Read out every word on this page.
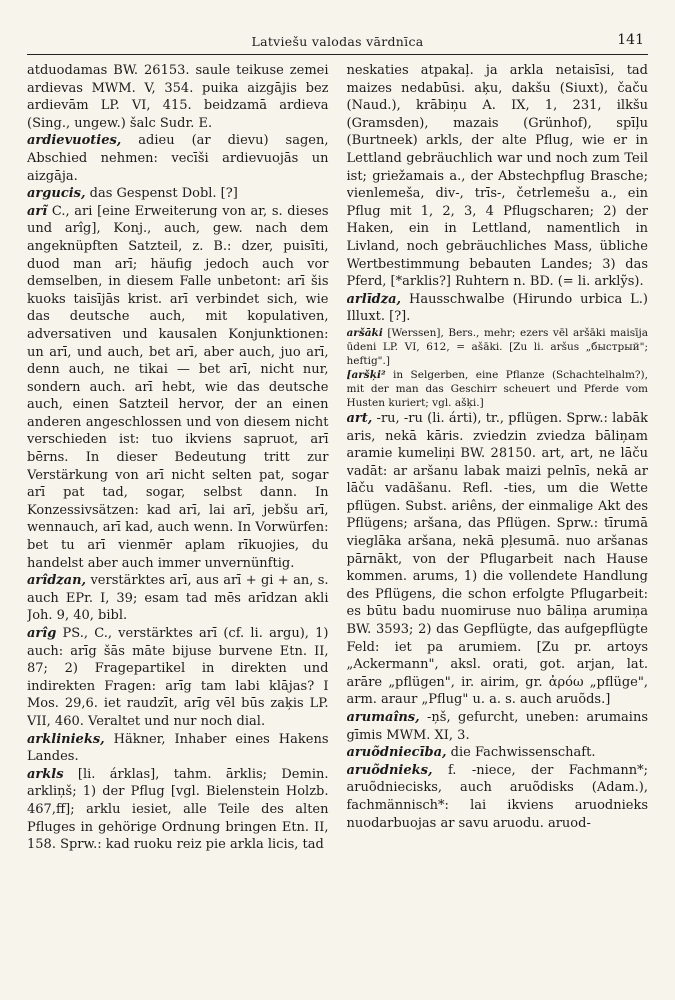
Latviešu valodas vārdnīca	141

atduodamas BW. 26153. saule teikuse zemei ardievas MWM. V, 354. puika aizgājis bez ardievām LP. VI, 415. beidzamā ardieva (Sing., ungew.) šalc Sudr. E.

ardievuoties, adieu (ar dievu) sagen, Abschied nehmen: vecīši ardievuojās un aizgāja.

argucis, das Gespenst Dobl. [?]

arĩ C., ari [eine Erweiterung von ar, s. dieses und arîg], Konj., auch, gew. nach dem angeknüpften Satzteil, z. B.: dzer, puisīti, duod man arī; häufig jedoch auch vor demselben, in diesem Falle unbetont: arī šis kuoks taisījās krist. arī verbindet sich, wie das deutsche auch, mit kopulativen, adversativen und kausalen Konjunktionen: un arī, und auch, bet arī, aber auch, juo arī, denn auch, ne tikai — bet arī, nicht nur, sondern auch. arī hebt, wie das deutsche auch, einen Satzteil hervor, der an einen anderen angeschlossen und von diesem nicht verschieden ist: tuo ikviens sapruot, arī bērns. In dieser Bedeutung tritt zur Verstärkung von arī nicht selten pat, sogar arī pat tad, sogar, selbst dann. In Konzessivsätzen: kad arī, lai arī, jebšu arī, wennauch, arī kad, auch wenn. In Vorwürfen: bet tu arī vienmēr aplam rīkuojies, du handelst aber auch immer unvernünftig.

arîdzan, verstärktes arī, aus arī + gi + an, s. auch EPr. I, 39; esam tad mēs arīdzan akli Joh. 9, 40, bibl.

arîg PS., C., verstärktes arī (cf. li. argu), 1) auch: arīg šās māte bijuse burvene Etn. II, 87; 2) Fragepartikel in direkten und indirekten Fragen: arīg tam labi klājas? I Mos. 29,6. iet raudzīt, arīg vēl būs zaķis LP. VII, 460. Veraltet und nur noch dial.

arklinieks, Häkner, Inhaber eines Hakens Landes.

arkls [li. árklas], tahm. ārklis; Demin. arkliņš; 1) der Pflug [vgl. Bielenstein Holzb. 467,ff]; arklu iesiet, alle Teile des alten Pfluges in gehörige Ordnung bringen Etn. II, 158. Sprw.: kad ruoku reiz pie arkla licis, tad

neskaties atpakaļ. ja arkla netaisīsi, tad maizes nedabūsi. aķu, dakšu (Siuxt), čaču (Naud.), krābiņu A. IX, 1, 231, ilkšu (Gramsden), mazais (Grünhof), spīļu (Burtneek) arkls, der alte Pflug, wie er in Lettland gebräuchlich war und noch zum Teil ist; griežamais a., der Abstechpflug Brasche; vienlemeša, div-, trīs-, četrlemešu a., ein Pflug mit 1, 2, 3, 4 Pflugscharen; 2) der Haken, ein in Lettland, namentlich in Livland, noch gebräuchliches Mass, übliche Wertbestimmung bebauten Landes; 3) das Pferd, [*arklis?] Ruhtern n. BD. (= li. arklỹs).

arlīdza, Hausschwalbe (Hirundo urbica L.) Illuxt. [?].

aršāki [Werssen], Bers., mehr; ezers vēl aršāki maisīja ūdeni LP. VI, 612, = ašāki. [Zu li. aršus „быстрый"; heftig".]

[aršķi² in Selgerben, eine Pflanze (Schachtelhalm?), mit der man das Geschirr scheuert und Pferde vom Husten kuriert; vgl. ašķi.]

art, -ru, -ru (li. árti), tr., pflügen. Sprw.: labāk aris, nekā kāris. zviedzin zviedza bāliņam aramie kumeliņi BW. 28150. art, art, ne lāču vadāt: ar aršanu labak maizi pelnīs, nekā ar lāču vadāšanu. Refl. -ties, um die Wette pflügen. Subst. ariêns, der einmalige Akt des Pflügens; aršana, das Pflügen. Sprw.: tīrumā vieglāka aršana, nekā pļesumā. nuo aršanas pārnākt, von der Pflugarbeit nach Hause kommen. arums, 1) die vollendete Handlung des Pflügens, die schon erfolgte Pflugarbeit: es būtu badu nuomiruse nuo bāliņa arumiņa BW. 3593; 2) das Gepflügte, das aufgepflügte Feld: iet pa arumiem. [Zu pr. artoys „Ackermann", aksl. orati, got. arjan, lat. arāre „pflügen", ir. airim, gr. ἀρόω „pflüge", arm. araur „Pflug" u. a. s. auch aruõds.]

arumaîns, -ņš, gefurcht, uneben: arumains gīmis MWM. XI, 3.

aruõdniecība, die Fachwissenschaft.

aruõdnieks, f. -niece, der Fachmann*; aruõdniecisks, auch aruõdisks (Adam.), fachmännisch*: lai ikviens aruodnieks nuodarbuojas ar savu aruodu. aruod-
